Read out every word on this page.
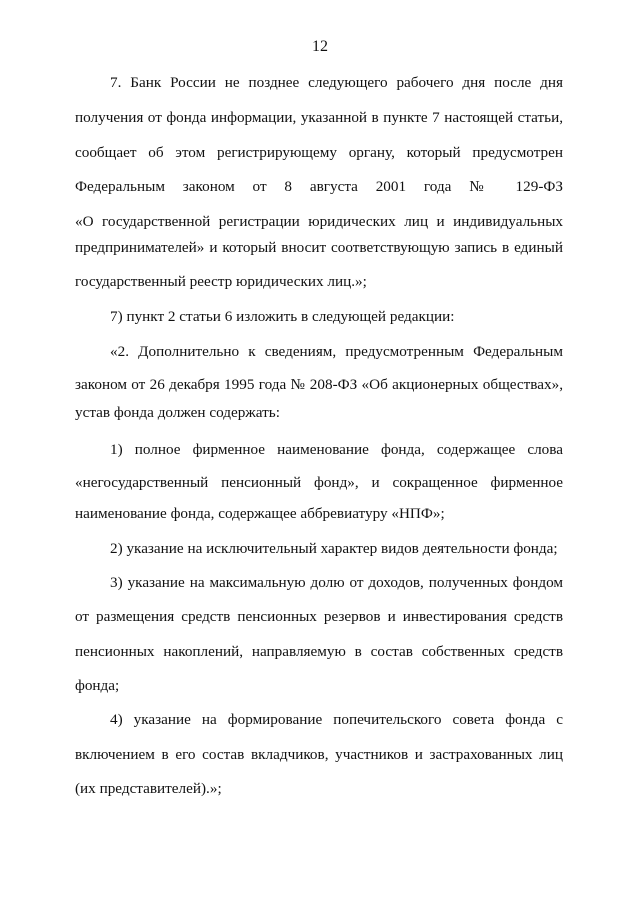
12
7. Банк России не позднее следующего рабочего дня после дня
получения от фонда информации, указанной в пункте 7 настоящей статьи,
сообщает об этом регистрирующему органу, который предусмотрен
Федеральным законом от 8 августа 2001 года № 129-ФЗ
«О государственной регистрации юридических лиц и индивидуальных
предпринимателей» и который вносит соответствующую запись в единый
государственный реестр юридических лиц.»;
7) пункт 2 статьи 6 изложить в следующей редакции:
«2. Дополнительно к сведениям, предусмотренным Федеральным
законом от 26 декабря 1995 года № 208-ФЗ «Об акционерных обществах»,
устав фонда должен содержать:
1) полное фирменное наименование фонда, содержащее слова
«негосударственный пенсионный фонд», и сокращенное фирменное
наименование фонда, содержащее аббревиатуру «НПФ»;
2) указание на исключительный характер видов деятельности фонда;
3) указание на максимальную долю от доходов, полученных фондом
от размещения средств пенсионных резервов и инвестирования средств
пенсионных накоплений, направляемую в состав собственных средств
фонда;
4) указание на формирование попечительского совета фонда с
включением в его состав вкладчиков, участников и застрахованных лиц
(их представителей).»;
